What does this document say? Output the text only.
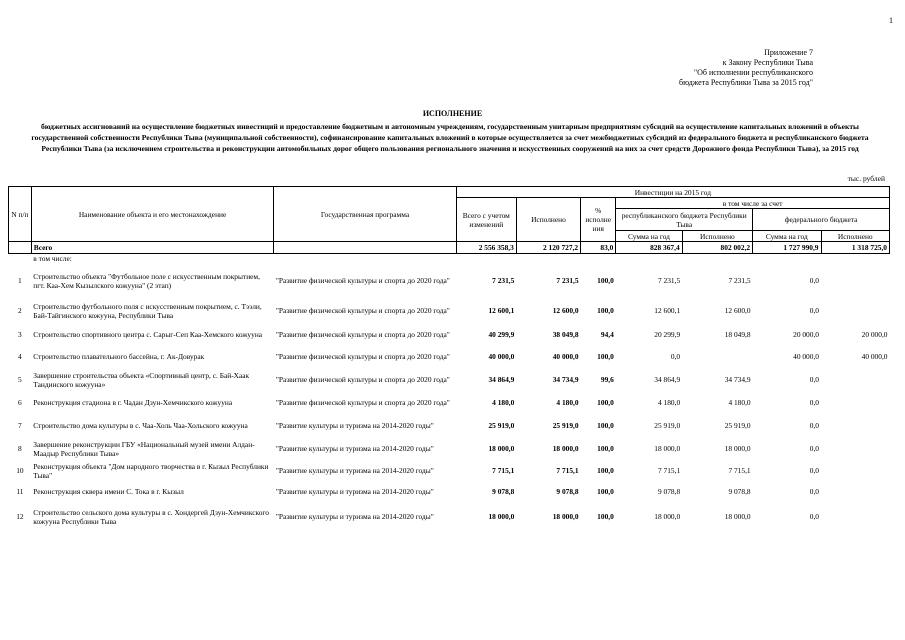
1
Приложение 7
к Закону Республики Тыва
"Об исполнении республиканского
бюджета Республики Тыва за 2015 год"
ИСПОЛНЕНИЕ
бюджетных ассигнований на осуществление бюджетных инвестиций и предоставление бюджетным и автономным учреждениям, государственным унитарным предприятиям субсидий на осуществление капитальных вложений в объекты государственной собственности Республики Тыва (муниципальной собственности), софинансирование капитальных вложений в которые осуществляется за счет межбюджетных субсидий из федерального бюджета и республиканского бюджета Республики Тыва (за исключением строительства и реконструкции автомобильных дорог общего пользования регионального значения и искусственных сооружений на них за счет средств Дорожного фонда Республики Тыва), за 2015 год
тыс. рублей
N п/п	Наименование объекта и его местонахождение	Государственная программа	Инвестиции на 2015 год						
			Всего с учетом изменений	Исполнено	% исполне ния	в том числе за счет			
						республиканского бюджета Республики Тыва		федерального бюджета	
						Сумма на год	Исполнено	Сумма на год	Исполнено
	Всего		2 556 358,3	2 120 727,2	83,0	828 367,4	802 002,2	1 727 990,9	1 318 725,0
	в том числе:								
1	Строительство объекта "Футбольное поле с искусственным покрытием, пгт. Каа-Хем Кызылского кожууна" (2 этап)	"Развитие физической культуры и спорта до 2020 года"	7 231,5	7 231,5	100,0	7 231,5	7 231,5	0,0	
2	Строительство футбольного поля с искусственным покрытием, с. Тээли, Бай-Тайгинского кожууна, Республики Тыва	"Развитие физической культуры и спорта до 2020 года"	12 600,1	12 600,0	100,0	12 600,1	12 600,0	0,0	
3	Строительство спортивного центра с. Сарыг-Сеп Каа-Хемского кожууна	"Развитие физической культуры и спорта до 2020 года"	40 299,9	38 049,8	94,4	20 299,9	18 049,8	20 000,0	20 000,0
4	Строительство плавательного бассейна, г. Ак-Довурак	"Развитие физической культуры и спорта до 2020 года"	40 000,0	40 000,0	100,0	0,0		40 000,0	40 000,0
5	Завершение строительства объекта «Спортивный центр, с. Бай-Хаак Тандинского кожууна»	"Развитие физической культуры и спорта до 2020 года"	34 864,9	34 734,9	99,6	34 864,9	34 734,9	0,0	
6	Реконструкция стадиона в г. Чадан Дзун-Хемчикского кожууна	"Развитие физической культуры и спорта до 2020 года"	4 180,0	4 180,0	100,0	4 180,0	4 180,0	0,0	
7	Строительство дома культуры в с. Чаа-Холь Чаа-Хольского кожууна	"Развитие культуры и туризма на 2014-2020 годы"	25 919,0	25 919,0	100,0	25 919,0	25 919,0	0,0	
8	Завершение реконструкции ГБУ «Национальный музей имени Алдан-Маадыр Республики Тыва»	"Развитие культуры и туризма на 2014-2020 годы"	18 000,0	18 000,0	100,0	18 000,0	18 000,0	0,0	
10	Реконструкция объекта "Дом народного творчества в г. Кызыл Республики Тыва"	"Развитие культуры и туризма на 2014-2020 годы"	7 715,1	7 715,1	100,0	7 715,1	7 715,1	0,0	
11	Реконструкция сквера имени С. Тока в г. Кызыл	"Развитие культуры и туризма на 2014-2020 годы"	9 078,8	9 078,8	100,0	9 078,8	9 078,8	0,0	
12	Строительство сельского дома культуры в с. Хондергей Дзун-Хемчикского кожууна Республики Тыва	"Развитие культуры и туризма на 2014-2020 годы"	18 000,0	18 000,0	100,0	18 000,0	18 000,0	0,0	
